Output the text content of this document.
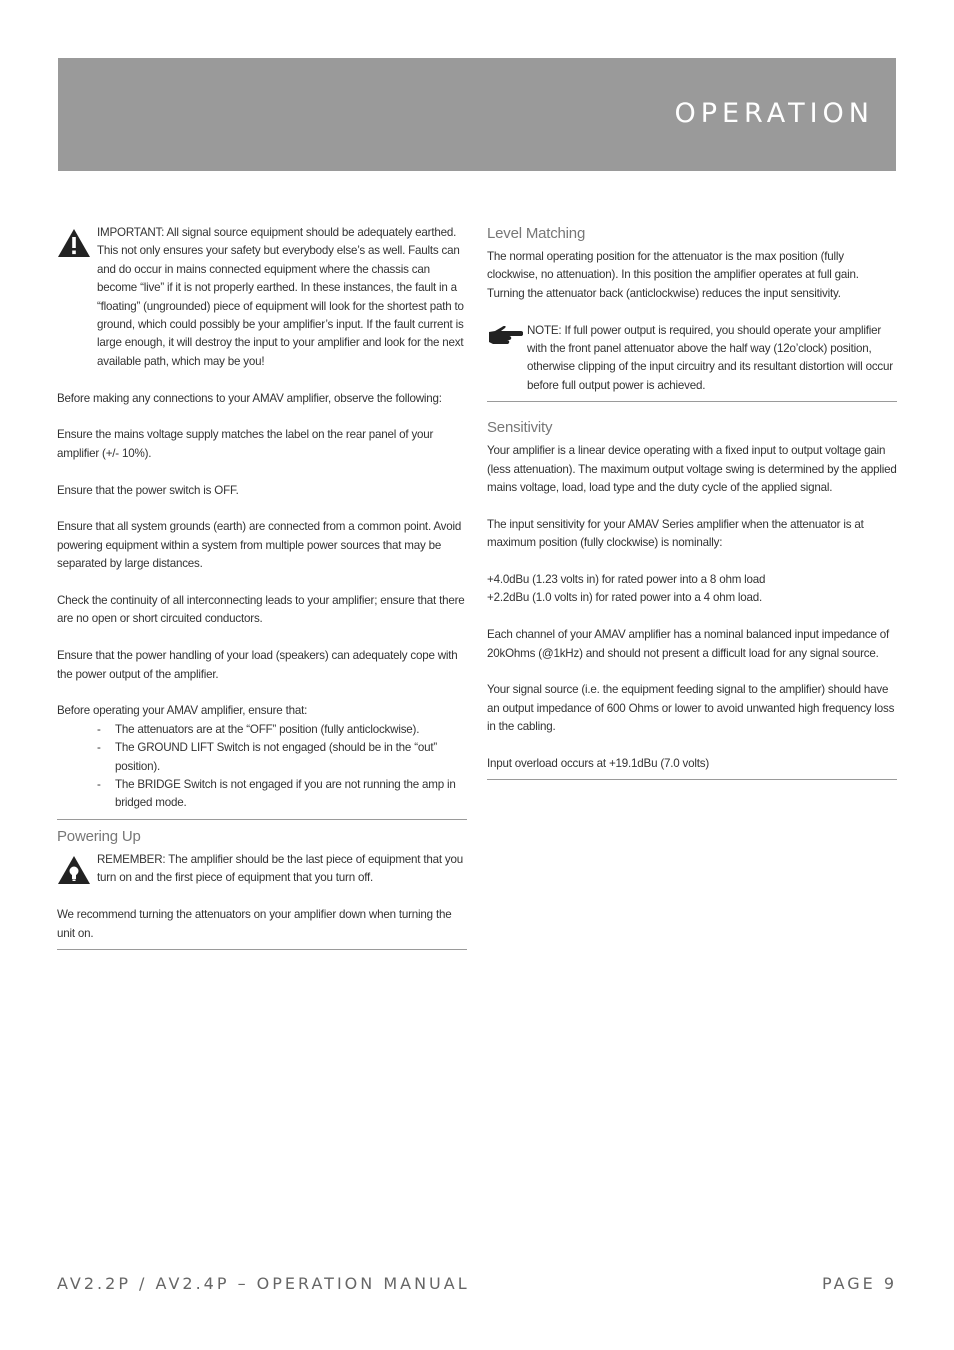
OPERATION
IMPORTANT: All signal source equipment should be adequately earthed. This not only ensures your safety but everybody else’s as well. Faults can and do occur in mains connected equipment where the chassis can become “live” if it is not properly earthed. In these instances, the fault in a “floating” (ungrounded) piece of equipment will look for the shortest path to ground, which could possibly be your amplifier’s input. If the fault current is large enough, it will destroy the input to your amplifier and look for the next available path, which may be you!

Before making any connections to your AMAV amplifier, observe the following:

Ensure the mains voltage supply matches the label on the rear panel of your amplifier (+/- 10%).

Ensure that the power switch is OFF.

Ensure that all system grounds (earth) are connected from a common point. Avoid powering equipment within a system from multiple power sources that may be separated by large distances.

Check the continuity of all interconnecting leads to your amplifier; ensure that there are no open or short circuited conductors.

Ensure that the power handling of your load (speakers) can adequately cope with the power output of the amplifier.

Before operating your AMAV amplifier, ensure that:

- The attenuators are at the “OFF” position (fully anticlockwise).
- The GROUND LIFT Switch is not engaged (should be in the “out” position).
- The BRIDGE Switch is not engaged if you are not running the amp in bridged mode.
Powering Up
REMEMBER: The amplifier should be the last piece of equipment that you turn on and the first piece of equipment that you turn off.

We recommend turning the attenuators on your amplifier down when turning the unit on.

Level Matching

The normal operating position for the attenuator is the max position (fully clockwise, no attenuation). In this position the amplifier operates at full gain. Turning the attenuator back (anticlockwise) reduces the input sensitivity.

NOTE: If full power output is required, you should operate your amplifier with the front panel attenuator above the half way (12o’clock) position, otherwise clipping of the input circuitry and its resultant distortion will occur before full output power is achieved.
Sensitivity

Your amplifier is a linear device operating with a fixed input to output voltage gain (less attenuation). The maximum output voltage swing is determined by the applied mains voltage, load, load type and the duty cycle of the applied signal.

The input sensitivity for your AMAV Series amplifier when the attenuator is at maximum position (fully clockwise) is nominally:

+4.0dBu (1.23 volts in) for rated power into a 8 ohm load

+2.2dBu (1.0 volts in) for rated power into a 4 ohm load.

Each channel of your AMAV amplifier has a nominal balanced input impedance of 20kOhms (@1kHz) and should not present a difficult load for any signal source.

Your signal source (i.e. the equipment feeding signal to the amplifier) should have an output impedance of 600 Ohms or lower to avoid unwanted high frequency loss in the cabling.

Input overload occurs at +19.1dBu (7.0 volts)

AV2.2P / AV2.4P – OPERATION MANUAL	PAGE 9
